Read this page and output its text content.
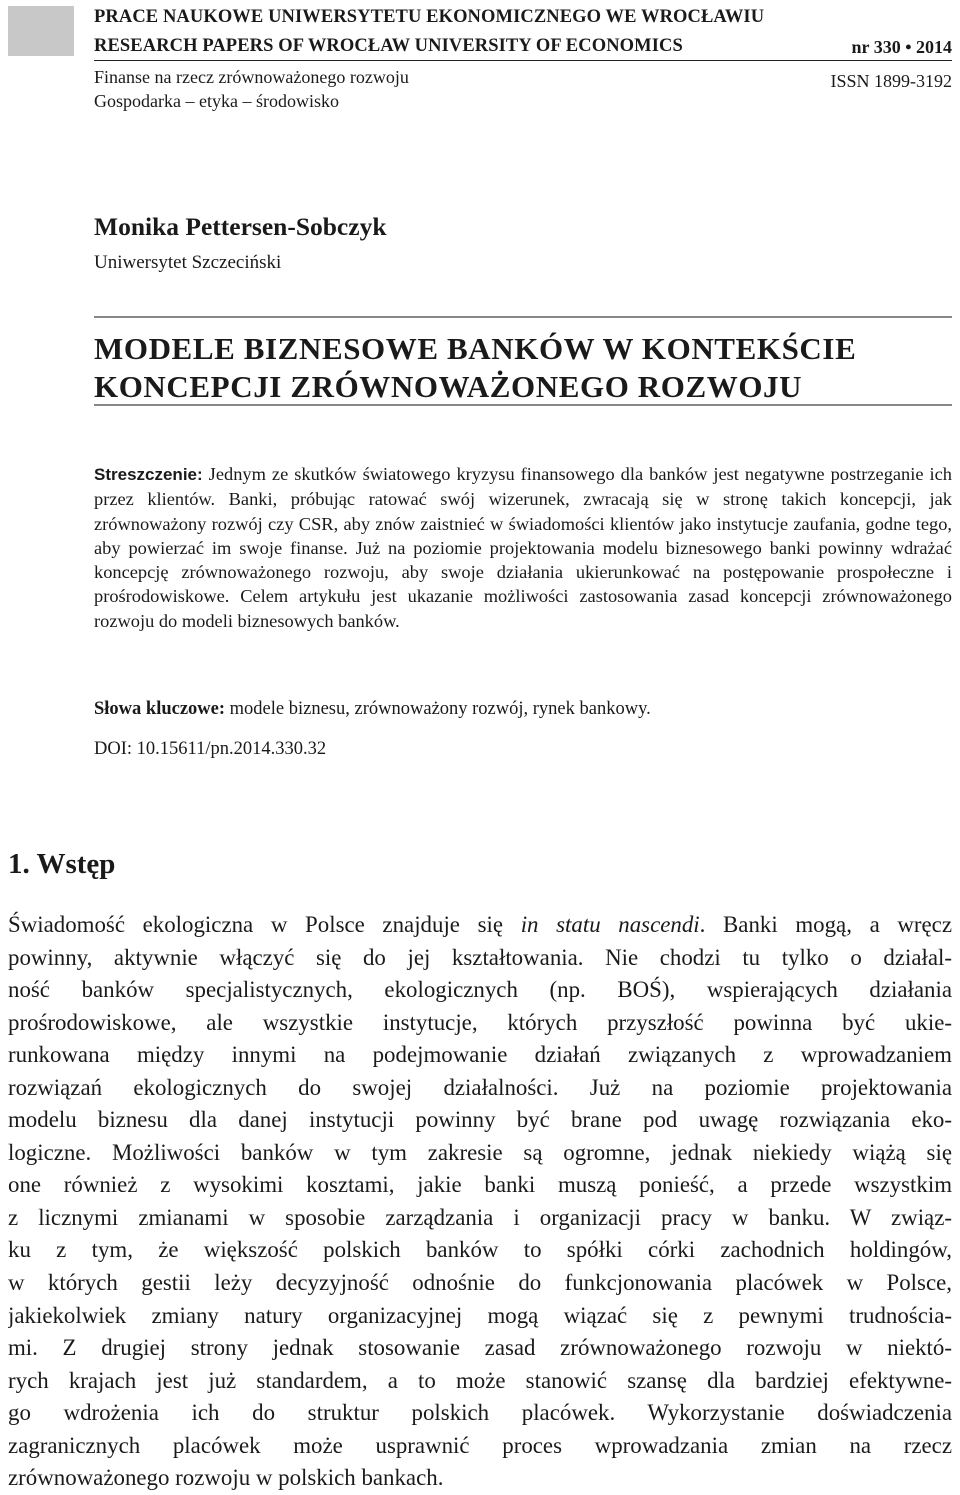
PRACE NAUKOWE UNIWERSYTETU EKONOMICZNEGO WE WROCŁAWIU
RESEARCH PAPERS OF WROCŁAW UNIVERSITY OF ECONOMICS	nr 330 • 2014
Finanse na rzecz zrównoważonego rozwoju	ISSN 1899-3192
Gospodarka – etyka – środowisko
Monika Pettersen-Sobczyk
Uniwersytet Szczeciński
MODELE BIZNESOWE BANKÓW W KONTEKŚCIE
KONCEPCJI ZRÓWNOWAŻONEGO ROZWOJU
Streszczenie: Jednym ze skutków światowego kryzysu finansowego dla banków jest negatywne postrzeganie ich przez klientów. Banki, próbując ratować swój wizerunek, zwracają się w stronę takich koncepcji, jak zrównoważony rozwój czy CSR, aby znów zaistnieć w świadomości klientów jako instytucje zaufania, godne tego, aby powierzać im swoje finanse. Już na poziomie projektowania modelu biznesowego banki powinny wdrażać koncepcję zrównoważonego rozwoju, aby swoje działania ukierunkować na postępowanie prospołeczne i prośrodowiskowe. Celem artykułu jest ukazanie możliwości zastosowania zasad koncepcji zrównoważonego rozwoju do modeli biznesowych banków.
Słowa kluczowe: modele biznesu, zrównoważony rozwój, rynek bankowy.
DOI: 10.15611/pn.2014.330.32
1. Wstęp
Świadomość ekologiczna w Polsce znajduje się in statu nascendi. Banki mogą, a wręcz
powinny, aktywnie włączyć się do jej kształtowania. Nie chodzi tu tylko o działal-
ność banków specjalistycznych, ekologicznych (np. BOŚ), wspierających działania
prośrodowiskowe, ale wszystkie instytucje, których przyszłość powinna być ukie-
runkowana między innymi na podejmowanie działań związanych z wprowadzaniem
rozwiązań ekologicznych do swojej działalności. Już na poziomie projektowania
modelu biznesu dla danej instytucji powinny być brane pod uwagę rozwiązania eko-
logiczne. Możliwości banków w tym zakresie są ogromne, jednak niekiedy wiążą się
one również z wysokimi kosztami, jakie banki muszą ponieść, a przede wszystkim
z licznymi zmianami w sposobie zarządzania i organizacji pracy w banku. W związ-
ku z tym, że większość polskich banków to spółki córki zachodnich holdingów,
w których gestii leży decyzyjność odnośnie do funkcjonowania placówek w Polsce,
jakiekolwiek zmiany natury organizacyjnej mogą wiązać się z pewnymi trudnościa-
mi. Z drugiej strony jednak stosowanie zasad zrównoważonego rozwoju w niektó-
rych krajach jest już standardem, a to może stanowić szansę dla bardziej efektywne-
go wdrożenia ich do struktur polskich placówek. Wykorzystanie doświadczenia
zagranicznych placówek może usprawnić proces wprowadzania zmian na rzecz
zrównoważonego rozwoju w polskich bankach.
